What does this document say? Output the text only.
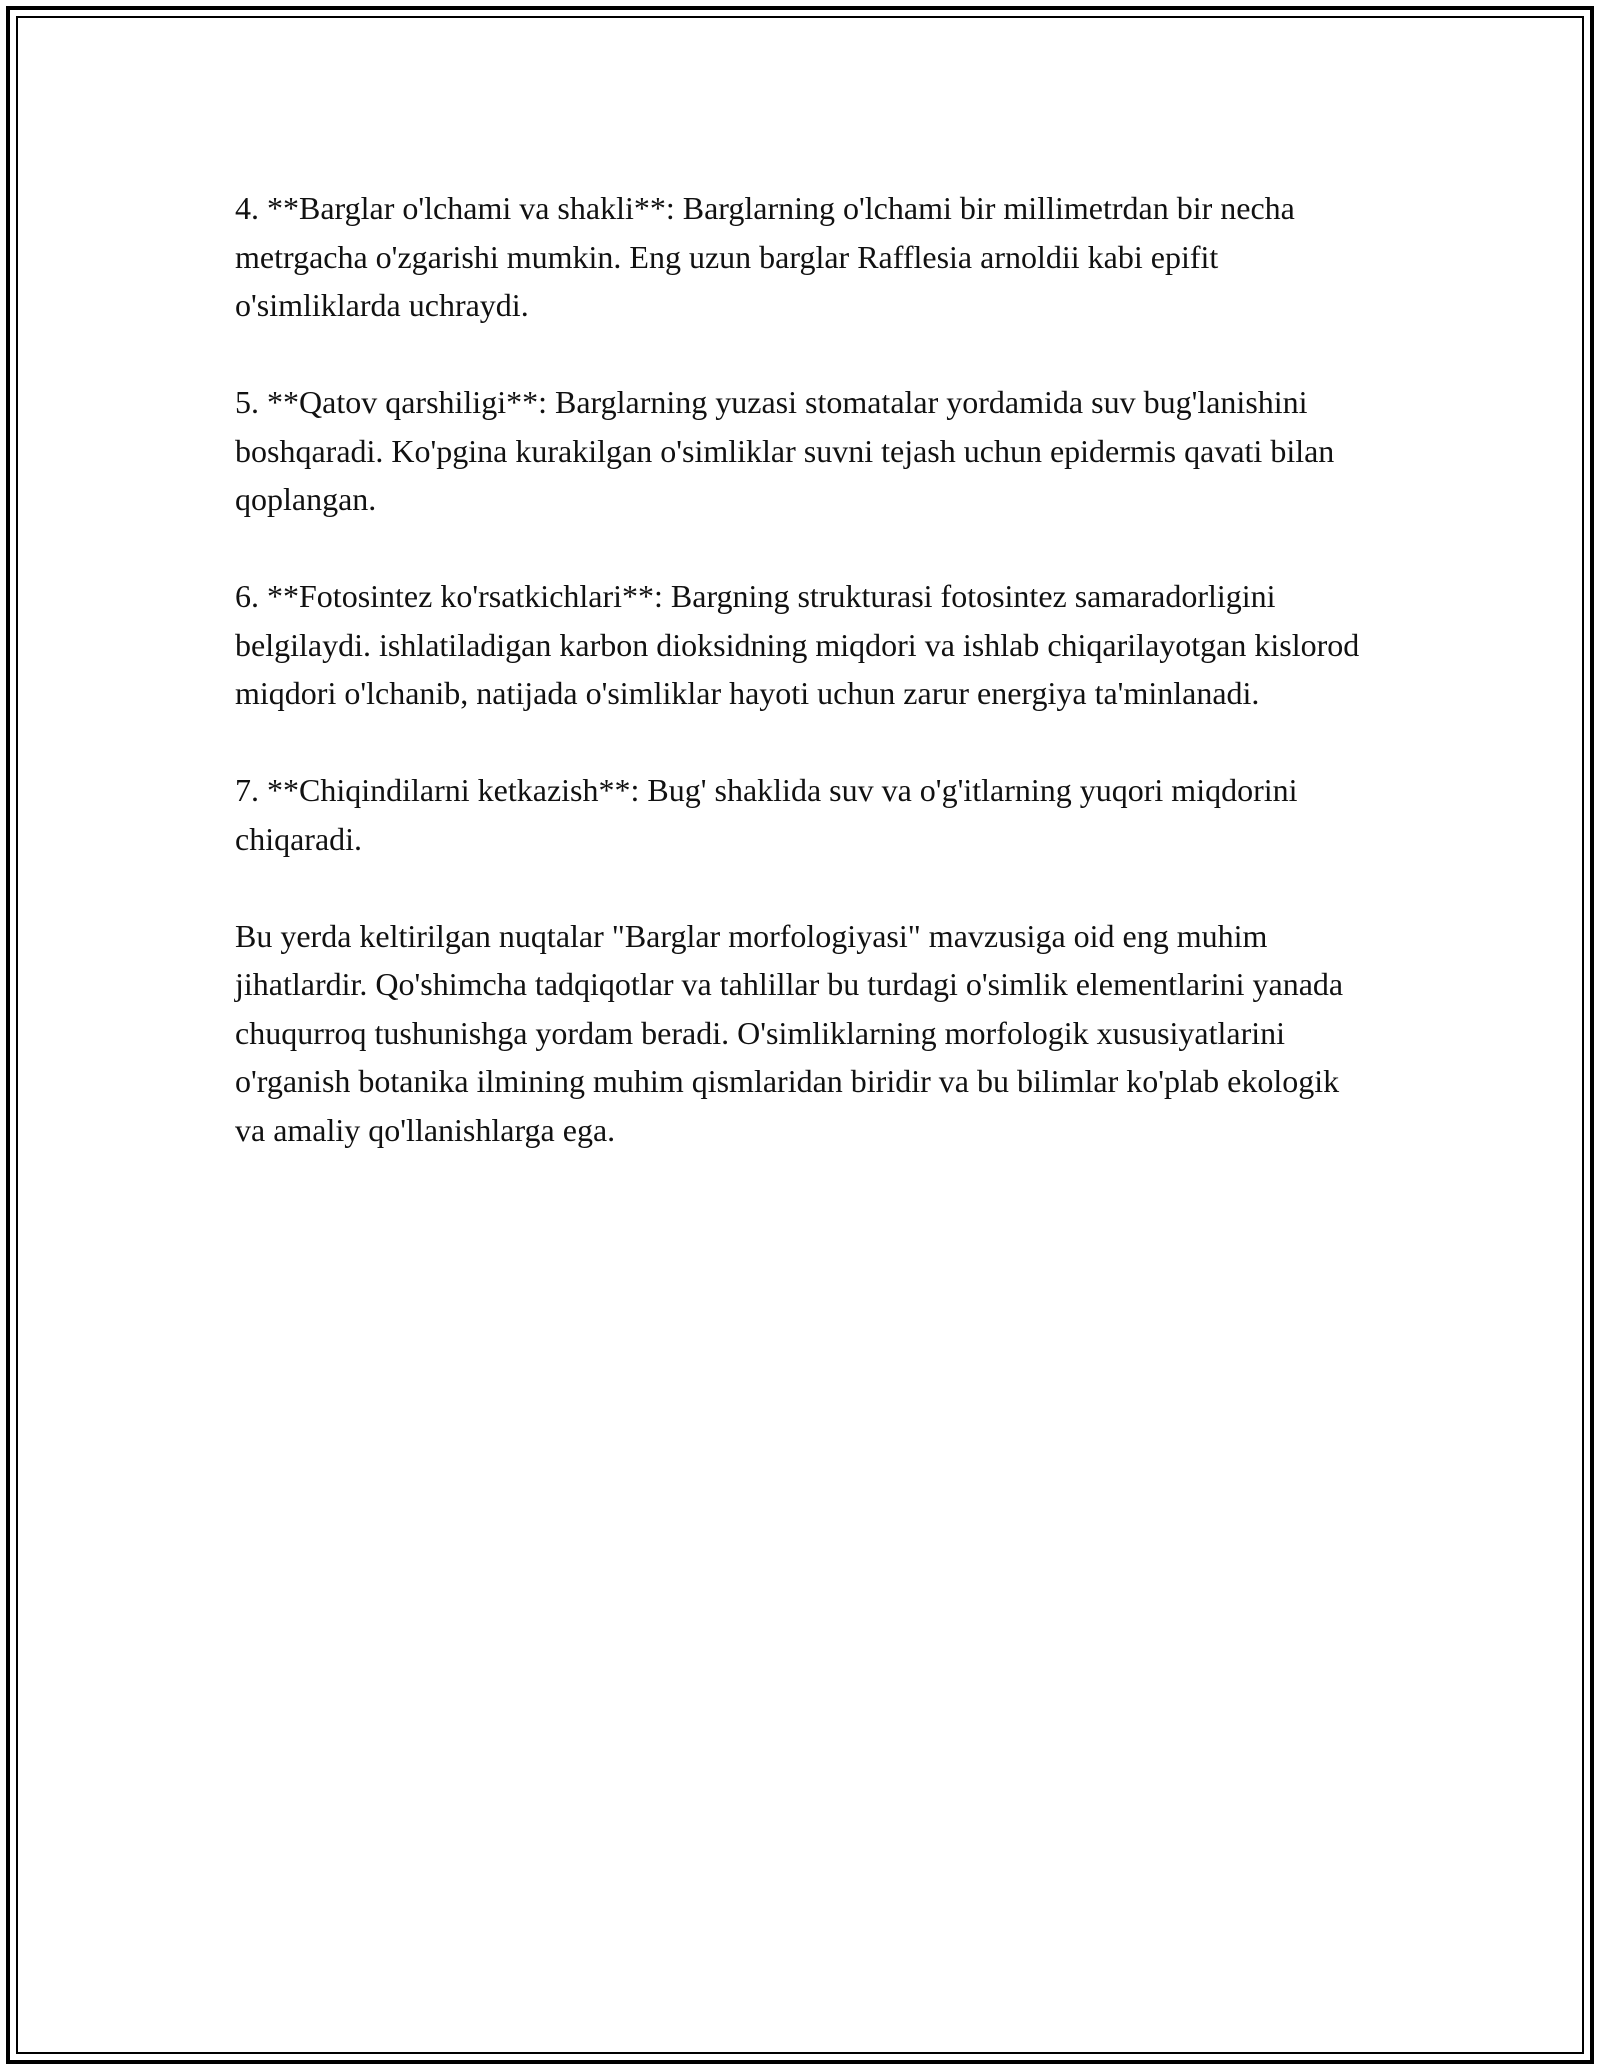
4. **Barglar o'lchami va shakli**: Barglarning o'lchami bir millimetrdan bir necha metrgacha o'zgarishi mumkin. Eng uzun barglar Rafflesia arnoldii kabi epifit o'simliklarda uchraydi.

5. **Qatov qarshiligi**: Barglarning yuzasi stomatalar yordamida suv bug'lanishini boshqaradi. Ko'pgina kurakilgan o'simliklar suvni tejash uchun epidermis qavati bilan qoplangan.

6. **Fotosintez ko'rsatkichlari**: Bargning strukturasi fotosintez samaradorligini belgilaydi. ishlatiladigan karbon dioksidning miqdori va ishlab chiqarilayotgan kislorod miqdori o'lchanib, natijada o'simliklar hayoti uchun zarur energiya ta'minlanadi.

7. **Chiqindilarni ketkazish**: Bug' shaklida suv va o'g'itlarning yuqori miqdorini chiqaradi.

Bu yerda keltirilgan nuqtalar "Barglar morfologiyasi" mavzusiga oid eng muhim jihatlardir. Qo'shimcha tadqiqotlar va tahlillar bu turdagi o'simlik elementlarini yanada chuqurroq tushunishga yordam beradi. O'simliklarning morfologik xususiyatlarini o'rganish botanika ilmining muhim qismlaridan biridir va bu bilimlar ko'plab ekologik va amaliy qo'llanishlarga ega.
